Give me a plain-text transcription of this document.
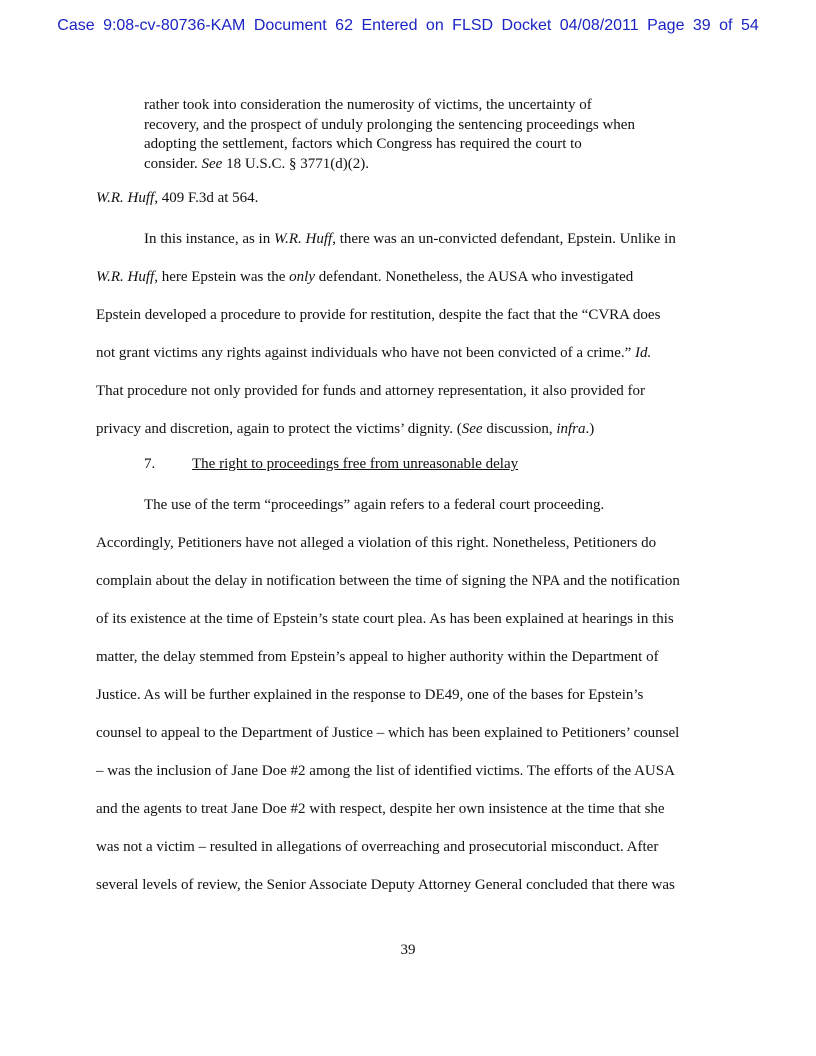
Case 9:08-cv-80736-KAM Document 62 Entered on FLSD Docket 04/08/2011 Page 39 of 54
rather took into consideration the numerosity of victims, the uncertainty of
recovery, and the prospect of unduly prolonging the sentencing proceedings when
adopting the settlement, factors which Congress has required the court to
consider. See 18 U.S.C. § 3771(d)(2).
W.R. Huff, 409 F.3d at 564.
In this instance, as in W.R. Huff, there was an un-convicted defendant, Epstein. Unlike in
W.R. Huff, here Epstein was the only defendant. Nonetheless, the AUSA who investigated
Epstein developed a procedure to provide for restitution, despite the fact that the “CVRA does
not grant victims any rights against individuals who have not been convicted of a crime.” Id.
That procedure not only provided for funds and attorney representation, it also provided for
privacy and discretion, again to protect the victims’ dignity. (See discussion, infra.)
7. The right to proceedings free from unreasonable delay
The use of the term “proceedings” again refers to a federal court proceeding.
Accordingly, Petitioners have not alleged a violation of this right. Nonetheless, Petitioners do
complain about the delay in notification between the time of signing the NPA and the notification
of its existence at the time of Epstein’s state court plea. As has been explained at hearings in this
matter, the delay stemmed from Epstein’s appeal to higher authority within the Department of
Justice. As will be further explained in the response to DE49, one of the bases for Epstein’s
counsel to appeal to the Department of Justice – which has been explained to Petitioners’ counsel
– was the inclusion of Jane Doe #2 among the list of identified victims. The efforts of the AUSA
and the agents to treat Jane Doe #2 with respect, despite her own insistence at the time that she
was not a victim – resulted in allegations of overreaching and prosecutorial misconduct. After
several levels of review, the Senior Associate Deputy Attorney General concluded that there was
39
